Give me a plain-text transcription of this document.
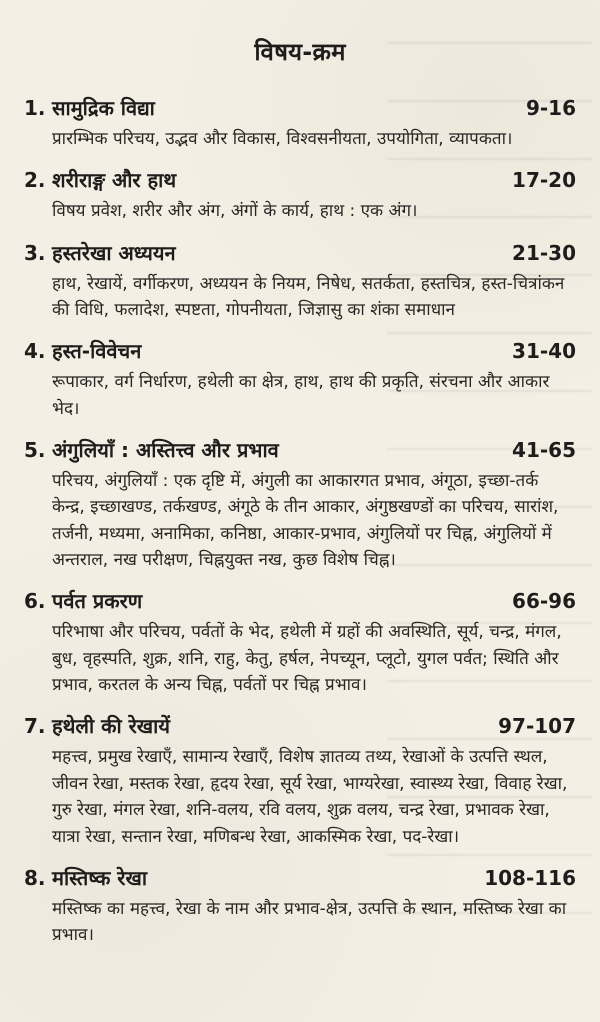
विषय-क्रम
1. सामुद्रिक विद्या	9-16
प्रारम्भिक परिचय, उद्भव और विकास, विश्वसनीयता, उपयोगिता, व्यापकता।
2. शरीराङ्ग और हाथ	17-20
विषय प्रवेश, शरीर और अंग, अंगों के कार्य, हाथ : एक अंग।
3. हस्तरेखा अध्ययन	21-30
हाथ, रेखायें, वर्गीकरण, अध्ययन के नियम, निषेध, सतर्कता, हस्तचित्र, हस्त-चित्रांकन की विधि, फलादेश, स्पष्टता, गोपनीयता, जिज्ञासु का शंका समाधान
4. हस्त-विवेचन	31-40
रूपाकार, वर्ग निर्धारण, हथेली का क्षेत्र, हाथ, हाथ की प्रकृति, संरचना और आकार भेद।
5. अंगुलियाँ : अस्तित्त्व और प्रभाव	41-65
परिचय, अंगुलियाँ : एक दृष्टि में, अंगुली का आकारगत प्रभाव, अंगूठा, इच्छा-तर्क केन्द्र, इच्छाखण्ड, तर्कखण्ड, अंगूठे के तीन आकार, अंगुष्ठखण्डों का परिचय, सारांश, तर्जनी, मध्यमा, अनामिका, कनिष्ठा, आकार-प्रभाव, अंगुलियों पर चिह्न, अंगुलियों में अन्तराल, नख परीक्षण, चिह्नयुक्त नख, कुछ विशेष चिह्न।
6. पर्वत प्रकरण	66-96
परिभाषा और परिचय, पर्वतों के भेद, हथेली में ग्रहों की अवस्थिति, सूर्य, चन्द्र, मंगल, बुध, वृहस्पति, शुक्र, शनि, राहु, केतु, हर्षल, नेपच्यून, प्लूटो, युगल पर्वत; स्थिति और प्रभाव, करतल के अन्य चिह्न, पर्वतों पर चिह्न प्रभाव।
7. हथेली की रेखायें	97-107
महत्त्व, प्रमुख रेखाएँ, सामान्य रेखाएँ, विशेष ज्ञातव्य तथ्य, रेखाओं के उत्पत्ति स्थल, जीवन रेखा, मस्तक रेखा, हृदय रेखा, सूर्य रेखा, भाग्यरेखा, स्वास्थ्य रेखा, विवाह रेखा, गुरु रेखा, मंगल रेखा, शनि-वलय, रवि वलय, शुक्र वलय, चन्द्र रेखा, प्रभावक रेखा, यात्रा रेखा, सन्तान रेखा, मणिबन्ध रेखा, आकस्मिक रेखा, पद-रेखा।
8. मस्तिष्क रेखा	108-116
मस्तिष्क का महत्त्व, रेखा के नाम और प्रभाव-क्षेत्र, उत्पत्ति के स्थान, मस्तिष्क रेखा का प्रभाव।
